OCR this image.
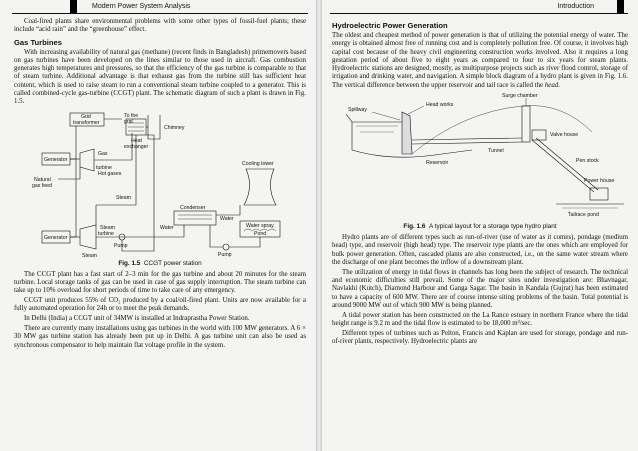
Modern Power System Analysis

Coal-fired plants share environmental problems with some other types of fossil-fuel plants; these include “acid rain” and the “greenhouse” effect.

Gas Turbines

With increasing availability of natural gas (methane) (recent finds in Bangladesh) primemovers based on gas turbines have been developed on the lines similar to those used in aircraft. Gas combustion generates high temperatures and pressures, so that the efficiency of the gas turbine is comparable to that of steam turbine. Additional advantage is that exhaust gas from the turbine still has sufficient heat content, which is used to raise steam to run a conventional steam turbine coupled to a generator. This is called combined-cycle gas-turbine (CCGT) plant. The schematic diagram of such a plant is drawn in Fig. 1.5.

Grid
transformer
To the
grid
Heat
exchanger
Chimney
Generator
Gas
turbine
Natural
gas feed
Hot gases
Steam
Cooling tower
Condenser
Water
Water
Generator
Steam
turbine
Pump
Pump
Water spray
Pond
Steam
Fig. 1.5 CCGT power station

The CCGT plant has a fast start of 2–3 min for the gas turbine and about 20 minutes for the steam turbine. Local storage tanks of gas can be used in case of gas supply interruption. The steam turbine can take up to 10% overload for short periods of time to take care of any emergency.

CCGT unit produces 55% of CO₂ produced by a coal/oil-fired plant. Units are now available for a fully automated operation for 24h or to meet the peak demands.

In Delhi (India) a CCGT unit of 34MW is installed at Indraprastha Power Station.

There are currently many installations using gas turbines in the world with 100 MW generators. A 6 × 30 MW gas turbine station has already been put up in Delhi. A gas turbine unit can also be used as synchronous compensator to help maintain flat voltage profile in the system.

Introduction
Hydroelectric Power Generation

The oldest and cheapest method of power generation is that of utilizing the potential energy of water. The energy is obtained almost free of running cost and is completely pollution free. Of course, it involves high capital cost because of the heavy civil engineering construction works involved. Also it requires a long gestation period of about five to eight years as compared to four to six years for steam plants. Hydroelectric stations are designed, mostly, as multipurpose projects such as river flood control, storage of irrigation and drinking water, and navigation. A simple block diagram of a hydro plant is given in Fig. 1.6. The vertical difference between the upper reservoir and tail race is called the head.

Surge chamber
Head works
Spillway
Valve house
Tunnel
Reservoir	Pen stock
Power house
Tailrace pond
Fig. 1.6 A typical layout for a storage type hydro plant

Hydro plants are of different types such as run-of-river (use of water as it comes), pondage (medium head) type, and reservoir (high head) type. The reservoir type plants are the ones which are employed for bulk power generation. Often, cascaded plants are also constructed, i.e., on the same water stream where the discharge of one plant becomes the inflow of a downstream plant.

The utilization of energy in tidal flows in channels has long been the subject of research. The technical and economic difficulties still prevail. Some of the major sites under investigation are: Bhavnagar, Navlakhi (Kutch), Diamond Harbour and Ganga Sagar. The basin in Kandala (Gujrat) has been estimated to have a capacity of 600 MW. There are of course intense siting problems of the basin. Total potential is around 9000 MW out of which 900 MW is being planned.

A tidal power station has been constructed on the La Rance estuary in northern France where the tidal height range is 9.2 m and the tidal flow is estimated to be 18,000 m³/sec.

Different types of turbines such as Pelton, Francis and Kaplan are used for storage, pondage and run-of-river plants, respectively. Hydroelectric plants are
